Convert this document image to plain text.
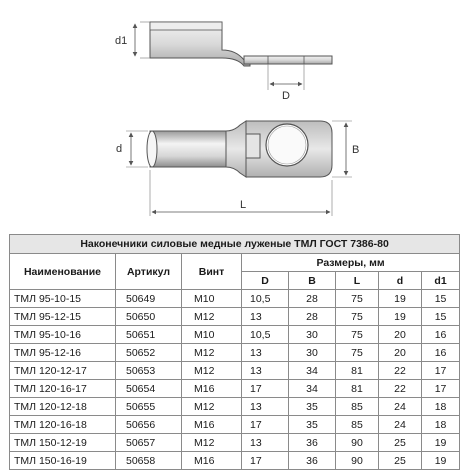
D
d1
d	B
L
Наконечники силовые медные луженые ТМЛ ГОСТ 7386-80							
Наименование	Артикул	Винт	Размеры, мм				
			D	B	L	d	d1
ТМЛ 95-10-15	50649	М10	10,5	28	75	19	15
ТМЛ 95-12-15	50650	М12	13	28	75	19	15
ТМЛ 95-10-16	50651	М10	10,5	30	75	20	16
ТМЛ 95-12-16	50652	М12	13	30	75	20	16
ТМЛ 120-12-17	50653	М12	13	34	81	22	17
ТМЛ 120-16-17	50654	М16	17	34	81	22	17
ТМЛ 120-12-18	50655	М12	13	35	85	24	18
ТМЛ 120-16-18	50656	М16	17	35	85	24	18
ТМЛ 150-12-19	50657	М12	13	36	90	25	19
ТМЛ 150-16-19	50658	М16	17	36	90	25	19
